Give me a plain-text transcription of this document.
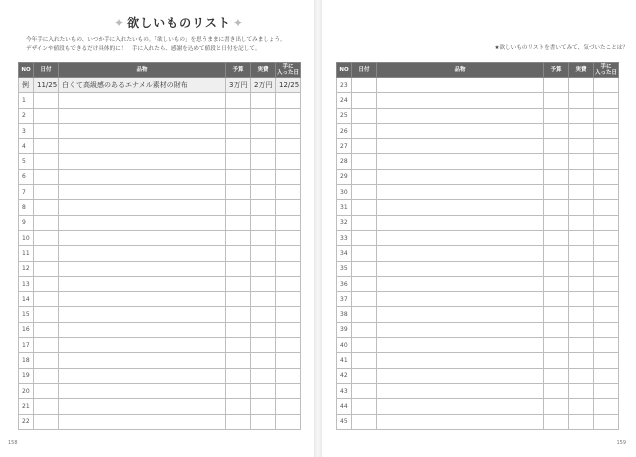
✦ 欲しいものリスト ✦
今年手に入れたいもの、いつか手に入れたいもの。「欲しいもの」を思うままに書き出してみましょう。
デザインや値段もできるだけ具体的に！　手に入れたら、感謝を込めて値段と日付を記して。
NO	日付	品物	予算	実費	手に
入った日
例	11/25	白くて高級感のあるエナメル素材の財布	3万円	2万円	12/25
1					
2					
3					
4					
5					
6					
7					
8					
9					
10					
11					
12					
13					
14					
15					
16					
17					
18					
19					
20					
21					
22					
158
★欲しいものリストを書いてみて、気づいたことは？
NO	日付	品物	予算	実費	手に
入った日
23					
24					
25					
26					
27					
28					
29					
30					
31					
32					
33					
34					
35					
36					
37					
38					
39					
40					
41					
42					
43					
44					
45					
159
